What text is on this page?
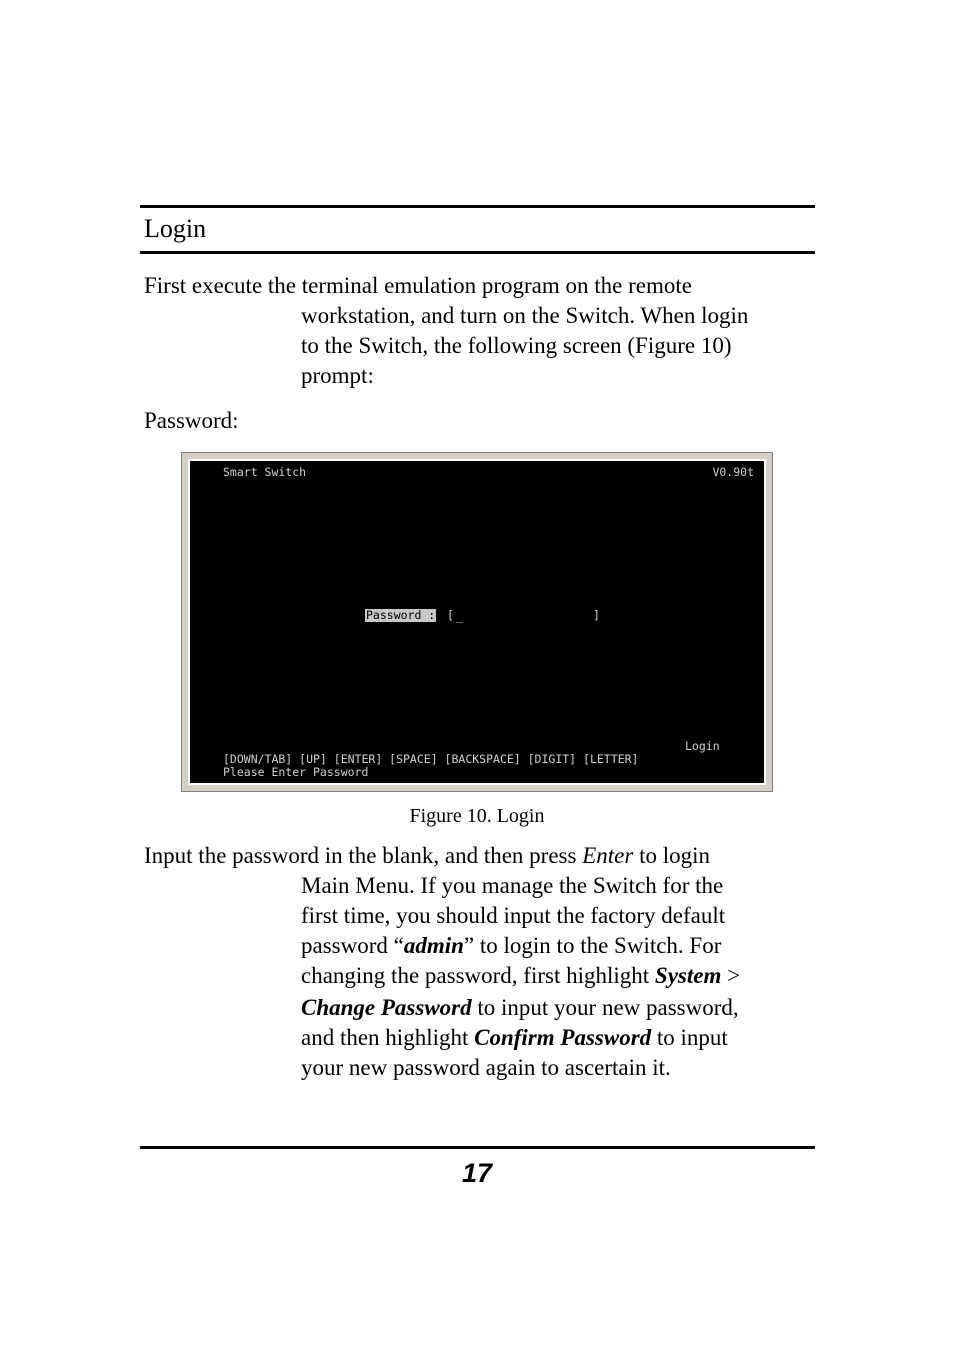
Login
First execute the terminal emulation program on the remote
workstation, and turn on the Switch. When login
to the Switch, the following screen (Figure 10)
prompt:
Password:
Smart Switch	V0.90t
Password : [ _	]
Login
[DOWN/TAB] [UP] [ENTER] [SPACE] [BACKSPACE] [DIGIT] [LETTER]
Please Enter Password
Figure 10. Login
Input the password in the blank, and then press Enter to login
Main Menu. If you manage the Switch for the
first time, you should input the factory default
password “admin” to login to the Switch. For
changing the password, first highlight System >
Change Password to input your new password,
and then highlight Confirm Password to input
your new password again to ascertain it.
17
